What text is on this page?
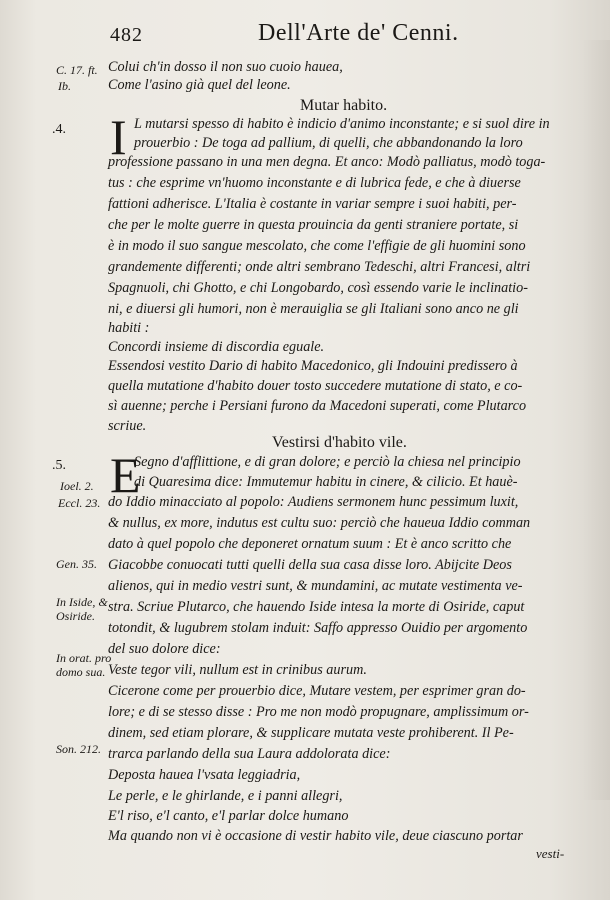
482	Dell'Arte de' Cenni.
C. 17. ft.
Ib.
Colui ch'in dosso il non suo cuoio hauea,
Come l'asino già quel del leone.
Mutar habito.
.4. I L mutarsi spesso di habito è indicio d'animo inconstante; e si suol dire in
prouerbio : De toga ad pallium, di quelli, che abbandonando la loro
professione passano in una men degna. Et anco: Modò palliatus, modò toga-
tus : che esprime vn'huomo inconstante e di lubrica fede, e che à diuerse
fattioni adherisce. L'Italia è costante in variar sempre i suoi habiti, per-
che per le molte guerre in questa prouincia da genti straniere portate, si
è in modo il suo sangue mescolato, che come l'effigie de gli huomini sono
grandemente differenti; onde altri sembrano Tedeschi, altri Francesi, altri
Spagnuoli, chi Ghotto, e chi Longobardo, così essendo varie le inclinatio-
ni, e diuersi gli humori, non è merauiglia se gli Italiani sono anco ne gli
habiti :
Concordi insieme di discordia eguale.
Essendosi vestito Dario di habito Macedonico, gli Indouini predissero à
quella mutatione d'habito douer tosto succedere mutatione di stato, e co-
sì auenne; perche i Persiani furono da Macedoni superati, come Plutarco
scriue.
Vestirsi d'habito vile.
.5. E
Ioel. 2.
Eccl. 23.
Gen. 35.
In Iside, &
Osiride.
In orat. pro
domo sua.
Son. 212.
Segno d'afflittione, e di gran dolore; e perciò la chiesa nel principio
di Quaresima dice: Immutemur habitu in cinere, & cilicio. Et hauè-
do Iddio minacciato al popolo: Audiens sermonem hunc pessimum luxit,
& nullus, ex more, indutus est cultu suo: perciò che haueua Iddio comman
dato à quel popolo che deponeret ornatum suum : Et è anco scritto che
Giacobbe conuocati tutti quelli della sua casa disse loro. Abijcite Deos
alienos, qui in medio vestri sunt, & mundamini, ac mutate vestimenta ve-
stra. Scriue Plutarco, che hauendo Iside intesa la morte di Osiride, caput
totondit, & lugubrem stolam induit: Saffo appresso Ouidio per argomento
del suo dolore dice:
Veste tegor vili, nullum est in crinibus aurum.
Cicerone come per prouerbio dice, Mutare vestem, per esprimer gran do-
lore; e di se stesso disse : Pro me non modò propugnare, amplissimum or-
dinem, sed etiam plorare, & supplicare mutata veste prohiberent. Il Pe-
trarca parlando della sua Laura addolorata dice:
Deposta hauea l'vsata leggiadria,
Le perle, e le ghirlande, e i panni allegri,
E'l riso, e'l canto, e'l parlar dolce humano
Ma quando non vi è occasione di vestir habito vile, deue ciascuno portar
vesti-
